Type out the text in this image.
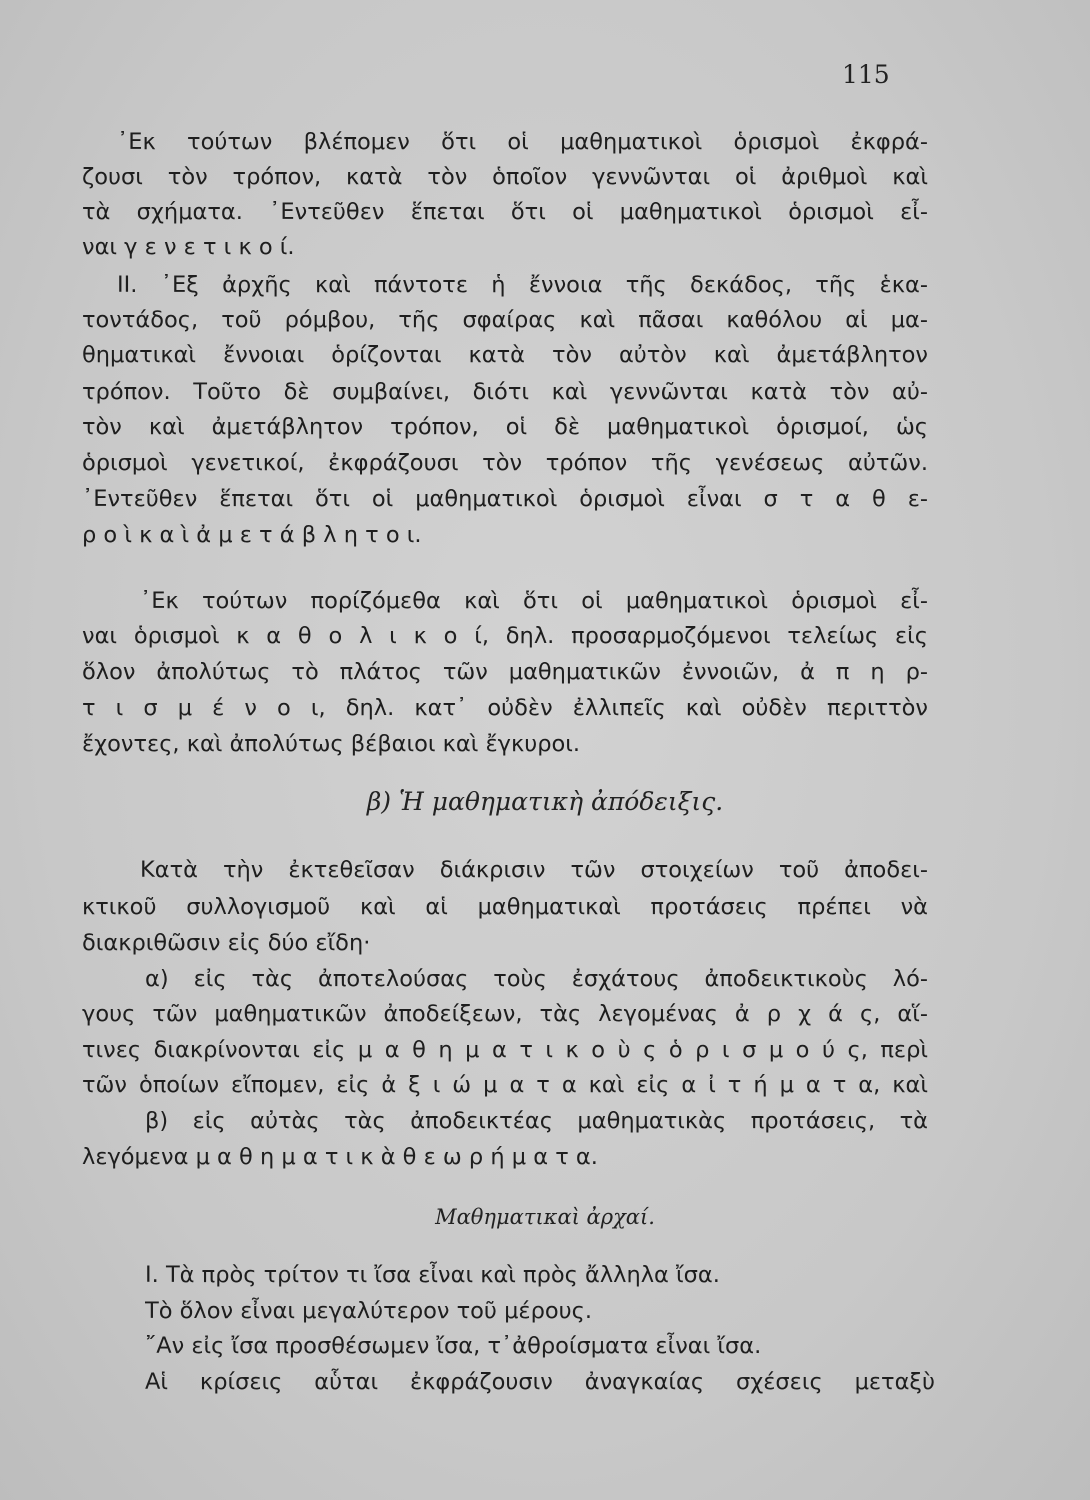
115
᾿Εκ τούτων βλέπομεν ὅτι οἱ μαθηματικοὶ ὁρισμοὶ ἐκφρά-
ζουσι τὸν τρόπον, κατὰ τὸν ὁποῖον γεννῶνται οἱ ἀριθμοὶ καὶ
τὰ σχήματα. ᾿Εντεῦθεν ἕπεται ὅτι οἱ μαθηματικοὶ ὁρισμοὶ εἶ-
ναι γ ε ν ε τ ι κ ο ί.
ΙΙ. ᾿Εξ ἀρχῆς καὶ πάντοτε ἡ ἔννοια τῆς δεκάδος, τῆς ἑκα-
τοντάδος, τοῦ ρόμβου, τῆς σφαίρας καὶ πᾶσαι καθόλου αἱ μα-
θηματικαὶ ἔννοιαι ὁρίζονται κατὰ τὸν αὐτὸν καὶ ἀμετάβλητον
τρόπον. Τοῦτο δὲ συμβαίνει, διότι καὶ γεννῶνται κατὰ τὸν αὐ-
τὸν καὶ ἀμετάβλητον τρόπον, οἱ δὲ μαθηματικοὶ ὁρισμοί, ὡς
ὁρισμοὶ γενετικοί, ἐκφράζουσι τὸν τρόπον τῆς γενέσεως αὐτῶν.
᾿Εντεῦθεν ἕπεται ὅτι οἱ μαθηματικοὶ ὁρισμοὶ εἶναι σ τ α θ ε-
ρ ο ὶ κ α ὶ ἀ μ ε τ ά β λ η τ ο ι.
᾿Εκ τούτων πορίζόμεθα καὶ ὅτι οἱ μαθηματικοὶ ὁρισμοὶ εἶ-
ναι ὁρισμοὶ κ α θ ο λ ι κ ο ί, δηλ. προσαρμοζόμενοι τελείως εἰς
ὅλον ἀπολύτως τὸ πλάτος τῶν μαθηματικῶν ἐννοιῶν, ἀ π η ρ-
τ ι σ μ έ ν ο ι, δηλ. κατ᾿ οὐδὲν ἐλλιπεῖς καὶ οὐδὲν περιττὸν
ἔχοντες, καὶ ἀπολύτως βέβαιοι καὶ ἔγκυροι.
β) Ἡ μαθηματικὴ ἀπόδειξις.
Κατὰ τὴν ἐκτεθεῖσαν διάκρισιν τῶν στοιχείων τοῦ ἀποδει-
κτικοῦ συλλογισμοῦ καὶ αἱ μαθηματικαὶ προτάσεις πρέπει νὰ
διακριθῶσιν εἰς δύο εἴδη·
α) εἰς τὰς ἀποτελούσας τοὺς ἐσχάτους ἀποδεικτικοὺς λό-
γους τῶν μαθηματικῶν ἀποδείξεων, τὰς λεγομένας ἀ ρ χ ά ς, αἵ-
τινες διακρίνονται εἰς μ α θ η μ α τ ι κ ο ὺ ς ὁ ρ ι σ μ ο ύ ς, περὶ
τῶν ὁποίων εἴπομεν, εἰς ἀ ξ ι ώ μ α τ α καὶ εἰς α ἰ τ ή μ α τ α, καὶ
β) εἰς αὐτὰς τὰς ἀποδεικτέας μαθηματικὰς προτάσεις, τὰ
λεγόμενα μ α θ η μ α τ ι κ ὰ θ ε ω ρ ή μ α τ α.
Μαθηματικαὶ ἀρχαί.
Ι. Τὰ πρὸς τρίτον τι ἴσα εἶναι καὶ πρὸς ἄλληλα ἴσα.
Τὸ ὅλον εἶναι μεγαλύτερον τοῦ μέρους.
῎Αν εἰς ἴσα προσθέσωμεν ἴσα, τ᾿ἀθροίσματα εἶναι ἴσα.
Αἱ κρίσεις αὗται ἐκφράζουσιν ἀναγκαίας σχέσεις μεταξὺ
